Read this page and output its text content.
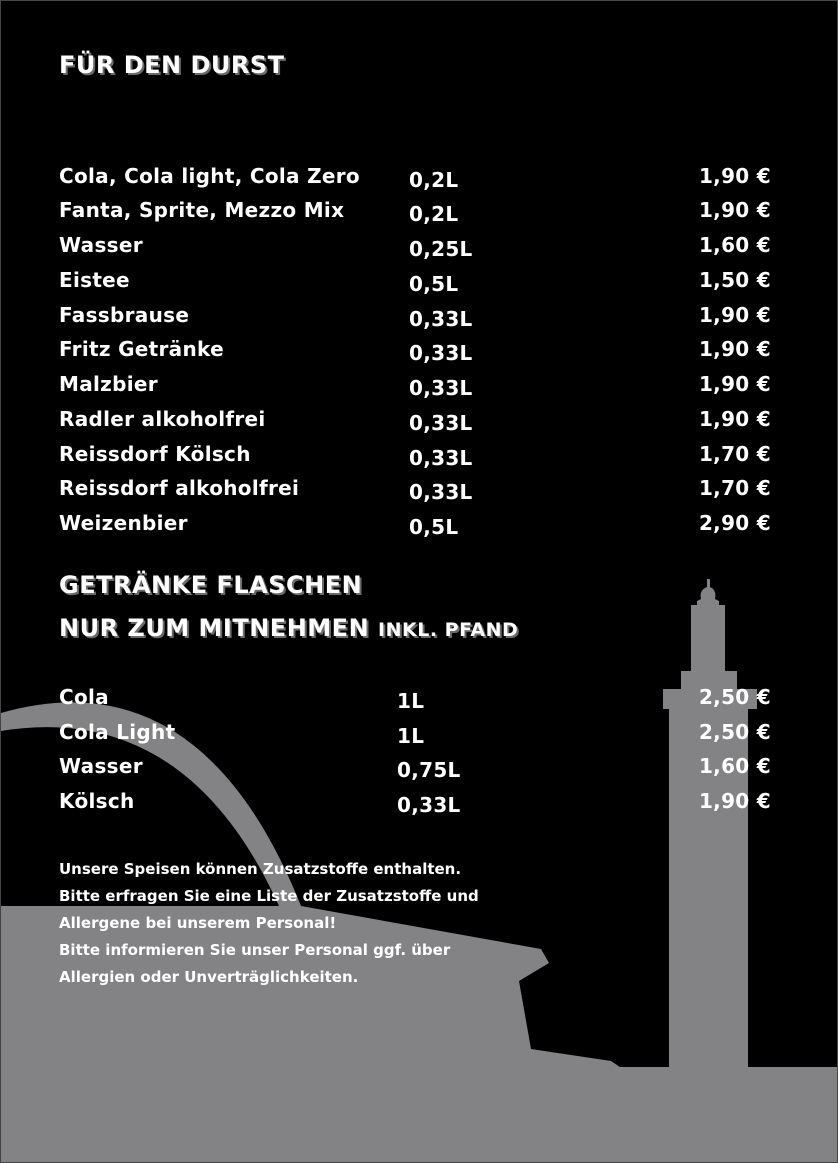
FÜR DEN DURST
Cola, Cola light, Cola Zero 0,2L	1,90 €
Fanta, Sprite, Mezzo Mix	0,2L	1,90 €
Wasser	0,25L	1,60 €
Eistee	0,5L	1,50 €
Fassbrause	0,33L	1,90 €
Fritz Getränke	0,33L	1,90 €
Malzbier	0,33L	1,90 €
Radler alkoholfrei	0,33L	1,90 €
Reissdorf Kölsch	0,33L	1,70 €
Reissdorf alkoholfrei	0,33L	1,70 €
Weizenbier	0,5L	2,90 €
GETRÄNKE FLASCHEN
NUR ZUM MITNEHMEN INKL. PFAND
Cola	1L	2,50 €
Cola Light	1L	2,50 €
Wasser	0,75L	1,60 €
Kölsch	0,33L	1,90 €
Unsere Speisen können Zusatzstoffe enthalten.
Bitte erfragen Sie eine Liste der Zusatzstoffe und
Allergene bei unserem Personal!
Bitte informieren Sie unser Personal ggf. über
Allergien oder Unverträglichkeiten.
